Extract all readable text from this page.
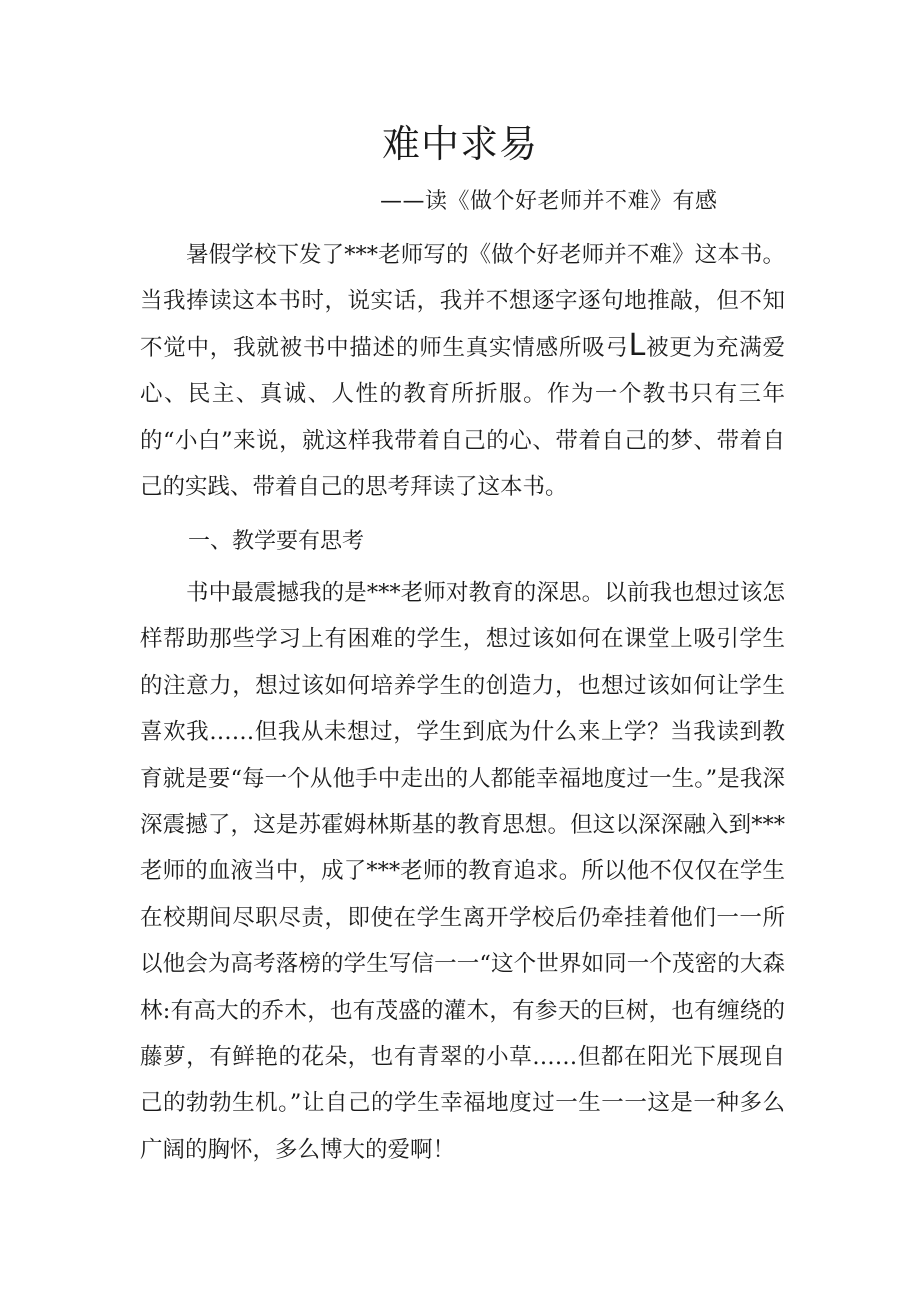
难中求易
——读《做个好老师并不难》有感
暑假学校下发了***老师写的《做个好老师并不难》这本书。当我捧读这本书时，说实话，我并不想逐字逐句地推敲，但不知不觉中，我就被书中描述的师生真实情感所吸弓L被更为充满爱心、民主、真诚、人性的教育所折服。作为一个教书只有三年的“小白”来说，就这样我带着自己的心、带着自己的梦、带着自己的实践、带着自己的思考拜读了这本书。
一、教学要有思考
书中最震撼我的是***老师对教育的深思。以前我也想过该怎样帮助那些学习上有困难的学生，想过该如何在课堂上吸引学生的注意力，想过该如何培养学生的创造力，也想过该如何让学生喜欢我……但我从未想过，学生到底为什么来上学？当我读到教育就是要“每一个从他手中走出的人都能幸福地度过一生。”是我深深震撼了，这是苏霍姆林斯基的教育思想。但这以深深融入到***老师的血液当中，成了***老师的教育追求。所以他不仅仅在学生在校期间尽职尽责，即使在学生离开学校后仍牵挂着他们一一所以他会为高考落榜的学生写信一一“这个世界如同一个茂密的大森林:有高大的乔木，也有茂盛的灌木，有参天的巨树，也有缠绕的藤萝，有鲜艳的花朵，也有青翠的小草……但都在阳光下展现自己的勃勃生机。”让自己的学生幸福地度过一生一一这是一种多么广阔的胸怀，多么博大的爱啊！
